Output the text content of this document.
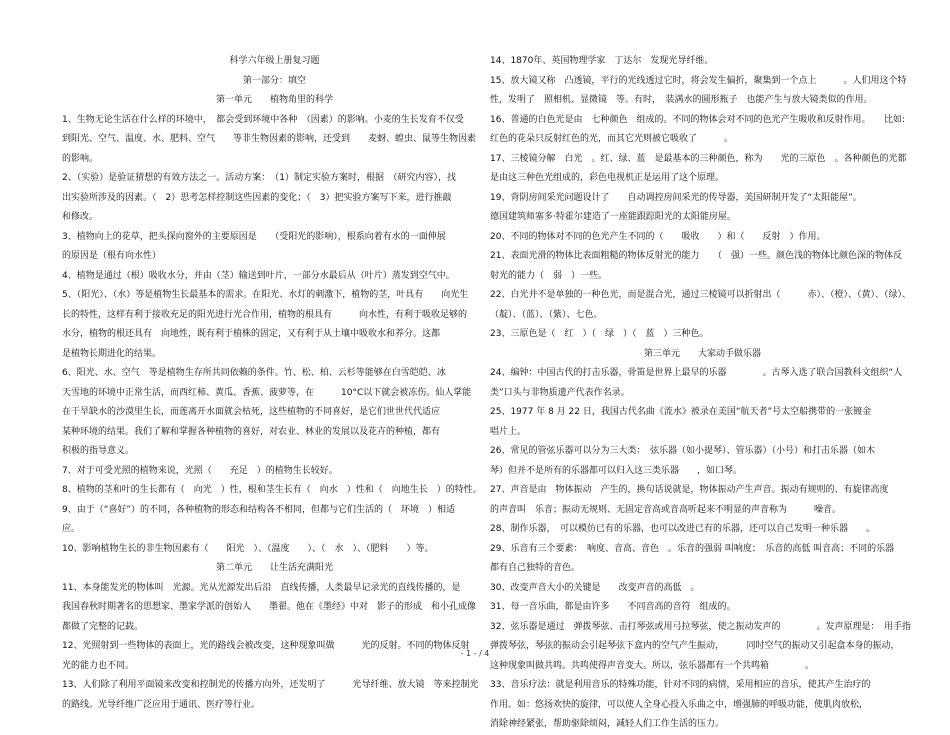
科学六年级上册复习题
第一部分：填空
第一单元　　植物角里的科学
1、生物无论生活在什么样的环境中，　都会受到环境中各种　（因素）的影响。小麦的生长发育不仅受
到阳光、空气、温度、水、肥料、空气　　等非生物因素的影响，还受到　　麦蚜、蝗虫、鼠等生物因素
的影响。
2、（实验）是验证猜想的有效方法之一。活动方案：　（1）制定实验方案时，根据　（研究内容），找
出实验所涉及的因素。（　2）思考怎样控制这些因素的变化；（　3）把实验方案写下来，进行推敲
和修改。
3、植物向上的花草，把头探向窗外的主要原因是　　（受阳光的影响），根系向着有水的一面伸展
的原因是（根有向水性）
4、植物是通过（根）吸收水分，并由（茎）输送到叶片，一部分水最后从（叶片）蒸发到空气中。
5、（阳光）、（水）等是植物生长最基本的需求。在阳光、水灯的刺激下，植物的茎，叶具有　　向光生
长的特性，这样有利于接收充足的阳光进行光合作用，植物的根具有　　　向水性，有利于吸收足够的
水分，植物的根还具有　向地性，既有利于植株的固定，又有利于从土壤中吸收水和养分。这都
是植物长期进化的结果。
6、阳光、水、空气　等是植物生存所共同依赖的条件。竹、松、柏、云杉等能够在白雪皑皑、冰
天雪地的环境中正常生活，而西红柿、黄瓜、香蕉、菠萝等，在　　　10°C以下就会被冻伤。仙人掌能
在干旱缺水的沙漠里生长，而莲离开水面就会枯死，这些植物的不同喜好，是它们世世代代适应
某种环境的结果。我们了解和掌握各种植物的喜好，对农业、林业的发展以及花卉的种植，都有
积极的指导意义。
7、对于可受光照的植物来说，光照（　　充足　）的植物生长较好。
8、植物的茎和叶的生长都有（　向光　）性，根和茎生长有（　向水　）性和（　向地生长　）的特性。
9、由于（“喜好”）的不同，各种植物的形态和结构各不相同，但都与它们生活的（　环境　）相适
应。
10、影响植物生长的非生物因素有（　　阳光　）、（温度　　）、（　水　）、（肥料　　）等。
第二单元　　让生活充满阳光
11、本身能发光的物体叫　光源。光从光源发出后沿　直线传播，人类最早记录光的直线传播的，是
我国春秋时期著名的思想家、墨家学派的创始人　　墨翟。他在《墨经》中对　影子的形成　和小孔成像
都做了完整的记载。
12、光照射到一些物体的表面上，光的路线会被改变，这种现象叫做　　　光的反射。不同的物体反射
光的能力也不同。
13、人们除了利用平面镜来改变和控制光的传播方向外，还发明了　　　光导纤维、放大镜　等来控制光
的路线。光导纤维广泛应用于通讯、医疗等行业。
14、1870年、英国物理学家　丁达尔　发现光导纤维。
15、放大镜又称　凸透镜，平行的光线透过它时，将会发生偏折，聚集到一个点上　　　。人们用这个特
性，发明了　照相机、显微镜　等。有时，　装满水的圆形瓶子　也能产生与放大镜类似的作用。
16、普通的白色光是由　七种颜色　组成的。不同的物体会对不同的色光产生吸收和反射作用。　　比如:
红色的花朵只反射红色的光，而其它光则被它吸收了　　　。
17、三棱镜分解　白光　。红、绿、蓝　是最基本的三种颜色，称为　　光的三原色　。各种颜色的光都
是由这三种色光组成的，彩色电视机正是运用了这个原理。
19、背阴房间采光问题设计了　　自动调控房间采光的传导器，美国研制开发了“太阳能屋”。
德国建筑师塞多·特霍尔建造了一座能跟踪阳光的太阳能房屋。
20、不同的物体对不同的色光产生不同的（　　吸收　　）和（　　反射　）作用。
21、表面光滑的物体比表面粗糙的物体反射光的能力　　（　强）一些。颜色浅的物体比颜色深的物体反
射光的能力（　弱　）一些。
22、白光并不是单独的一种色光，而是混合光，通过三棱镜可以折射出（　　　赤）、（橙）、（黄）、（绿）、
（靛）、（蓝）、（紫）、七色。
23、三原色是（　红　）（　绿　）（　蓝　）三种色。
第三单元　　大家动手做乐器
24、编钟：中国古代的打击乐器，骨笛是世界上最早的乐器　　　　。古琴入选了联合国教科文组织“人
类”口头与非物质遗产代表作名录。
25、1977 年 8 月 22 日，我国古代名曲《流水》被录在美国“航天者”号太空船携带的一张镀金
唱片上。
26、常见的管弦乐器可以分为三大类：　弦乐器（如小提琴）、管乐器）（小号）和打击乐器（如木
琴）但并不是所有的乐器都可以归入这三类乐器　　，如口琴。
27、声音是由　物体振动　产生的，换句话说就是，物体振动产生声音。振动有规则的、有旋律高度
的声音叫　乐音；振动无规则、无固定音高或音高听起来不明显的声音称为　　　噪音。
28、制作乐器，　可以模仿已有的乐器，也可以改进已有的乐器，还可以自己发明一种乐器　　。
29、乐音有三个要素：　响度、音高、音色　。乐音的强弱 叫响度；　乐音的高低 叫音高；不同的乐器
都有自己独特的音色。
30、改变声音大小的关键是　　改变声音的高低　。
31、每一音乐曲，都是由许多　　不同音高的音符　组成的。
32、弦乐器是通过　弹拨琴弦、击打琴弦或用弓拉琴弦，使之振动发声的　　　　。发声原理是：　用手指
弹拨琴弦，琴弦的振动会引起琴弦下盒内的空气产生振动，　　　同时空气的振动又引起盒本身的振动，
这种现象叫做共鸣。共鸣使得声音变大。所以，弦乐器都有一个共鸣箱　　　　。
33、音乐疗法：就是利用音乐的特殊功能，针对不同的病情，采用相应的音乐，使其产生治疗的
作用。如：悠扬欢快的旋律，可以使人全身心投入乐曲之中，增强肺的呼吸功能，使肌肉放松，
消除神经紧张，帮助驱除烦闷，减轻人们工作生活的压力。
- 1 - / 4
